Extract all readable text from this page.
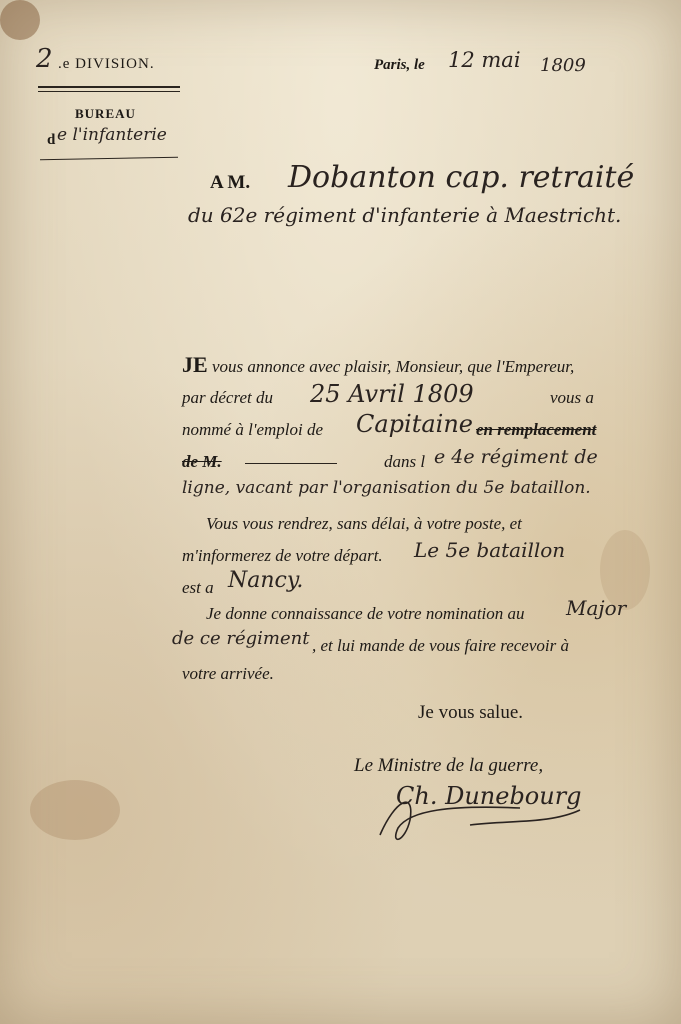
2 .e DIVISION.	Paris, le 12 mai 1809
BUREAU
d e l'infanterie
A M. Dobanton cap. retraité
du 62e régiment d'infanterie à Maestricht.
JE vous annonce avec plaisir, Monsieur, que l'Empereur,
par décret du 25 Avril 1809	vous a
nommé à l'emploi de Capitaine en remplacement
de M.	dans l e 4e régiment de
ligne, vacant par l'organisation du 5e bataillon.
Vous vous rendrez, sans délai, à votre poste, et
m'informerez de votre départ. Le 5e bataillon
est a Nancy.
Je donne connaissance de votre nomination au Major
de ce régiment , et lui mande de vous faire recevoir à
votre arrivée.
Je vous salue.
Le Ministre de la guerre,
Ch. Dunebourg
